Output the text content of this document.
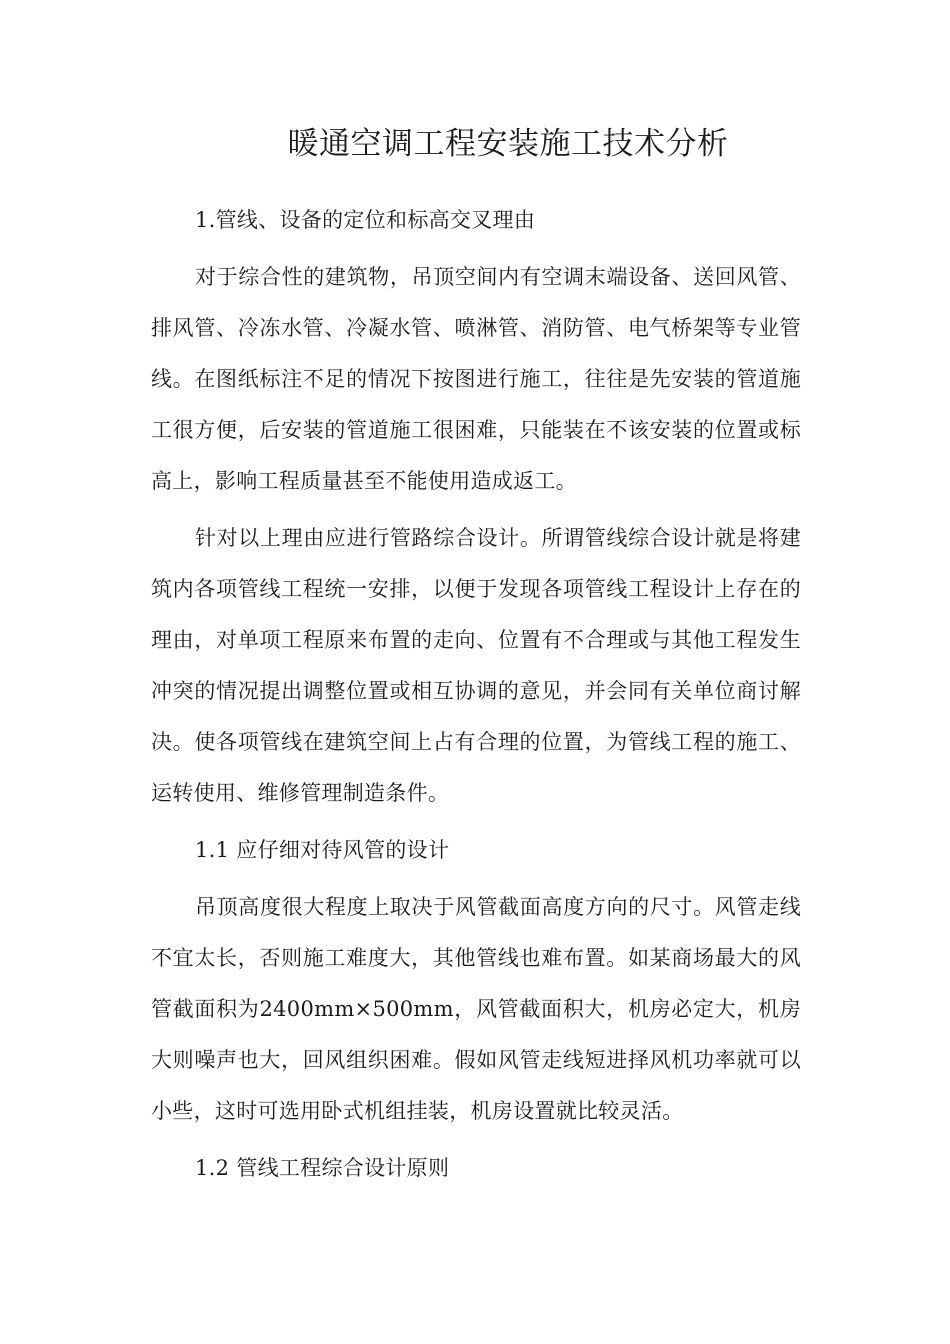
暖通空调工程安装施工技术分析

1.管线、设备的定位和标高交叉理由

对于综合性的建筑物，吊顶空间内有空调末端设备、送回风管、排风管、冷冻水管、冷凝水管、喷淋管、消防管、电气桥架等专业管线。在图纸标注不足的情况下按图进行施工，往往是先安装的管道施工很方便，后安装的管道施工很困难，只能装在不该安装的位置或标高上，影响工程质量甚至不能使用造成返工。

针对以上理由应进行管路综合设计。所谓管线综合设计就是将建筑内各项管线工程统一安排，以便于发现各项管线工程设计上存在的理由，对单项工程原来布置的走向、位置有不合理或与其他工程发生冲突的情况提出调整位置或相互协调的意见，并会同有关单位商讨解决。使各项管线在建筑空间上占有合理的位置，为管线工程的施工、运转使用、维修管理制造条件。

1.1 应仔细对待风管的设计

吊顶高度很大程度上取决于风管截面高度方向的尺寸。风管走线不宜太长，否则施工难度大，其他管线也难布置。如某商场最大的风管截面积为2400mm×500mm，风管截面积大，机房必定大，机房大则噪声也大，回风组织困难。假如风管走线短进择风机功率就可以小些，这时可选用卧式机组挂装，机房设置就比较灵活。

1.2 管线工程综合设计原则
